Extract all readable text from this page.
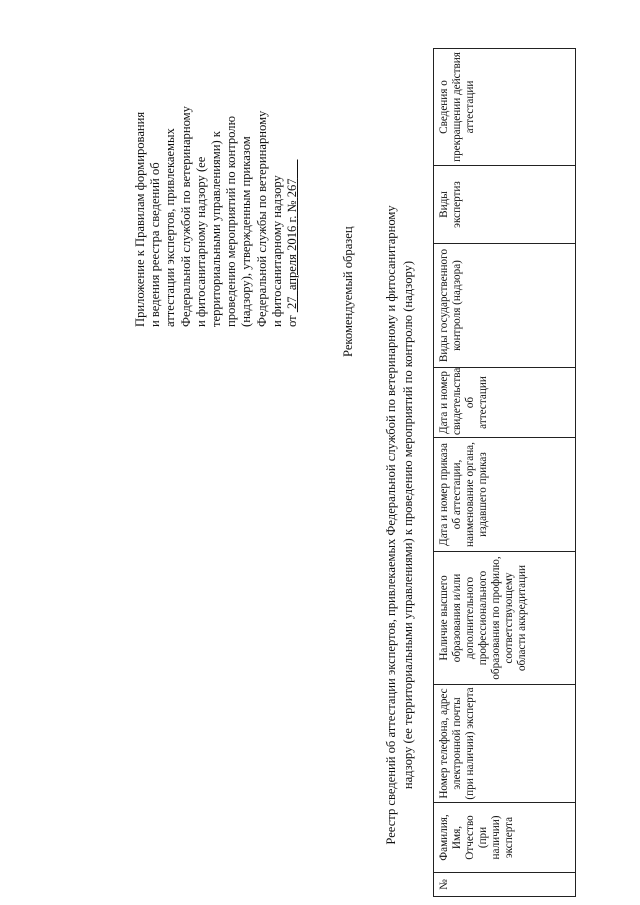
Приложение к Правилам формирования и ведения реестра сведений об аттестации экспертов, привлекаемых Федеральной службой по ветеринарному и фитосанитарному надзору (ее территориальными управлениями) к проведению мероприятий по контролю (надзору), утвержденным приказом Федеральной службы по ветеринарному и фитосанитарному надзору от  27  апреля 2016 г. № 267
Рекомендуемый образец Реестр сведений об аттестации экспертов, привлекаемых Федеральной службой по ветеринарному и фитосанитарному надзору (ее территориальными управлениями) к проведению мероприятий по контролю (надзору)
№	Фамилия, Имя, Отчество (при наличии) эксперта	Номер телефона, адрес электронной почты (при наличии) эксперта	Наличие высшего образования и/или дополнительного профессионального образования по профилю, соответствующему области аккредитации	Дата и номер приказа об аттестации, наименование органа, издавшего приказ	Дата и номер свидетельства об аттестации	Виды государственного контроля (надзора)	Виды экспертиз	Сведения о прекращении действия аттестации
